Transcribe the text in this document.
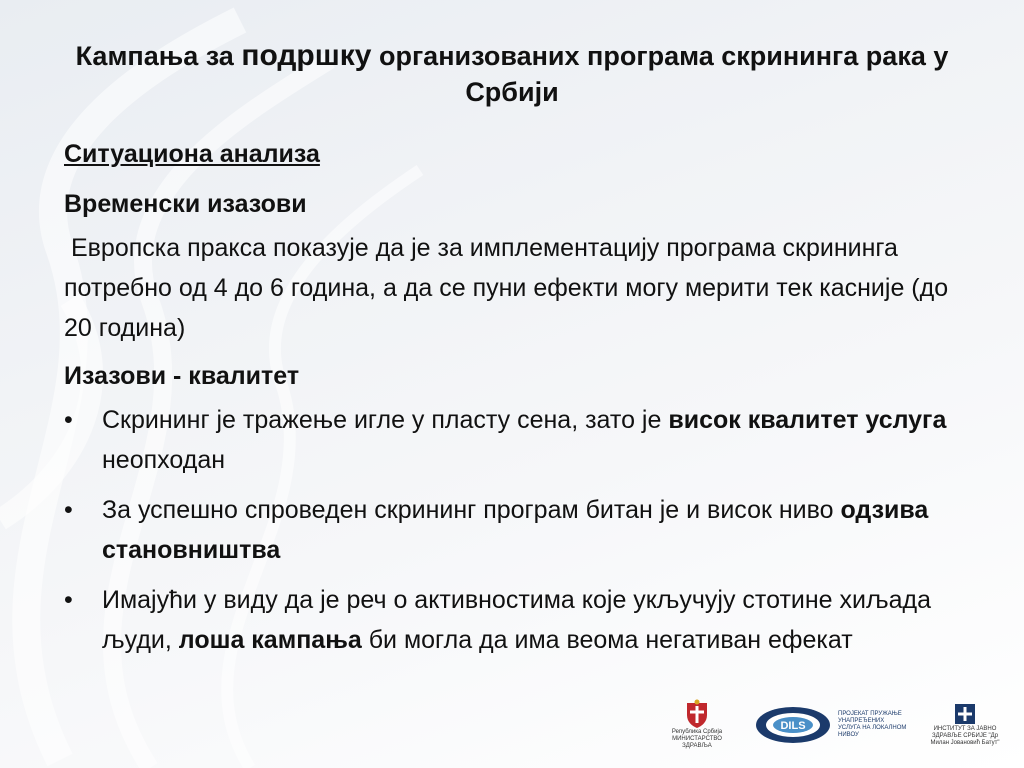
Кампања за подршку организованих програма скрининга рака у Србији

Ситуациона анализа

Временски изазови

Европска пракса показује да је за имплементацију програма скрининга потребно од 4 до 6 година, а да се пуни ефекти могу мерити тек касније (до 20 година)

Изазови - квалитет

• Скрининг је тражење игле у пласту сена, зато је висок квалитет услуга неопходан
• За успешно спроведен скрининг програм битан је и висок ниво одзива становништва
• Имајући у виду да је реч о активностима које укључују стотине хиљада људи, лоша кампања би могла да има веома негативан ефекат
Република Србија МИНИСТАРСТВО ЗДРАВЉА
DILS
ПРОЈЕКАТ ПРУЖАЊЕ УНАПРЕЂЕНИХ УСЛУГА НА ЛОКАЛНОМ НИВОУ
ИНСТИТУТ ЗА ЈАВНО ЗДРАВЉЕ СРБИЈЕ "Др Милан Јовановић Батут"
